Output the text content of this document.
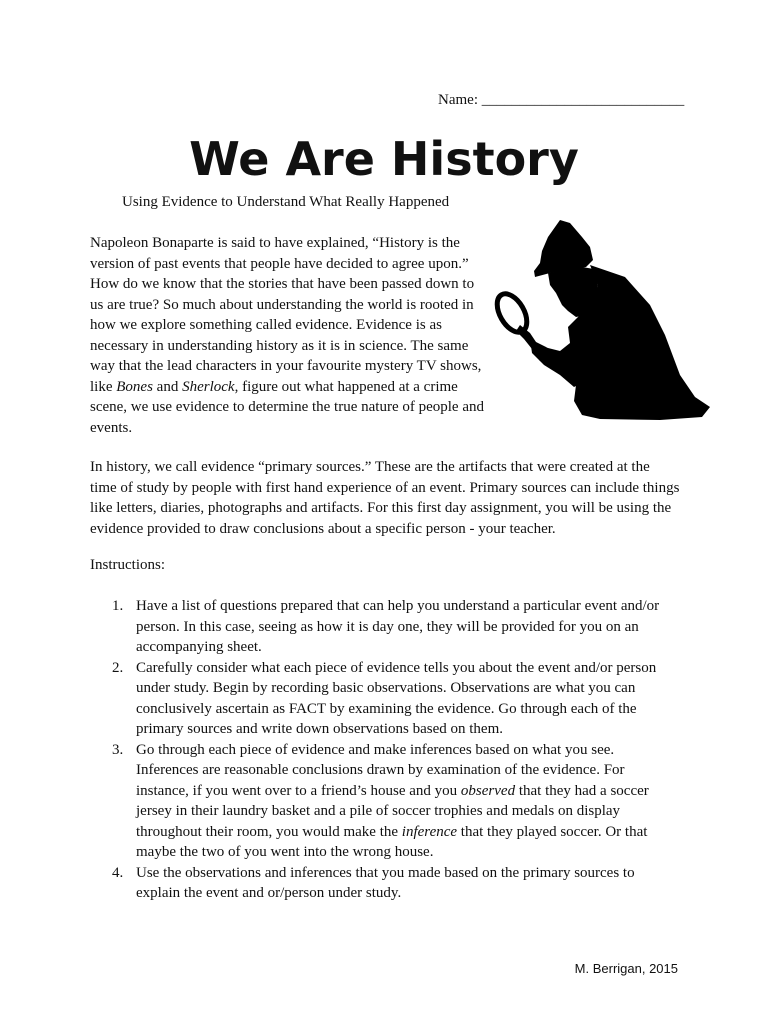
Name: ___________________________
We Are History
Using Evidence to Understand What Really Happened

Napoleon Bonaparte is said to have explained, “History is the version of past events that people have decided to agree upon.” How do we know that the stories that have been passed down to us are true? So much about understanding the world is rooted in how we explore something called evidence. Evidence is as necessary in understanding history as it is in science. The same way that the lead characters in your favourite mystery TV shows, like Bones and Sherlock, figure out what happened at a crime scene, we use evidence to determine the true nature of people and events.

In history, we call evidence “primary sources.” These are the artifacts that were created at the time of study by people with first hand experience of an event. Primary sources can include things like letters, diaries, photographs and artifacts. For this first day assignment, you will be using the evidence provided to draw conclusions about a specific person - your teacher.

Instructions:
1. Have a list of questions prepared that can help you understand a particular event and/or person. In this case, seeing as how it is day one, they will be provided for you on an accompanying sheet.
2. Carefully consider what each piece of evidence tells you about the event and/or person under study. Begin by recording basic observations. Observations are what you can conclusively ascertain as FACT by examining the evidence. Go through each of the primary sources and write down observations based on them.
3. Go through each piece of evidence and make inferences based on what you see. Inferences are reasonable conclusions drawn by examination of the evidence. For instance, if you went over to a friend’s house and you observed that they had a soccer jersey in their laundry basket and a pile of soccer trophies and medals on display throughout their room, you would make the inference that they played soccer. Or that maybe the two of you went into the wrong house.
4. Use the observations and inferences that you made based on the primary sources to explain the event and or/person under study.
M. Berrigan, 2015
